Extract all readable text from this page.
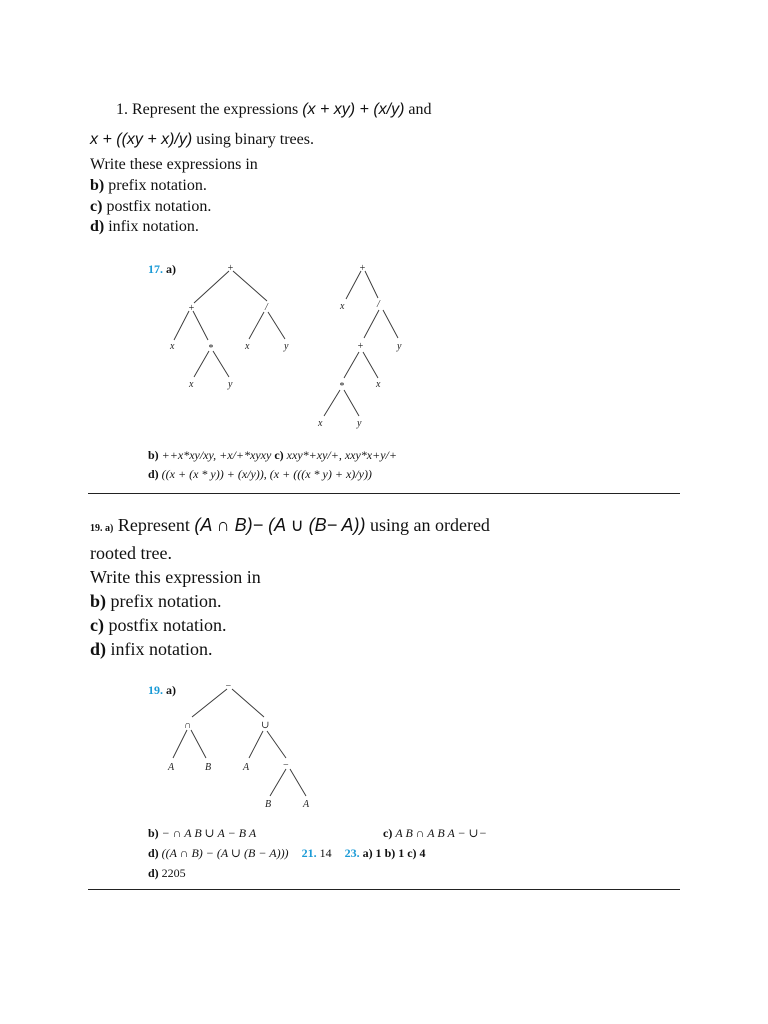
1. Represent the expressions (x + xy) + (x/y) and
x + ((xy + x)/y) using binary trees.
Write these expressions in
b) prefix notation.
c) postfix notation.
d) infix notation.
17. a)	+
+	/
x	*	x	y
x	y
+
x	/
+	y
*	x
x	y
−
∩	∪
A	B	A	−
B	A
b) ++x*xy/xy, +x/+*xyxy c) xxy*+xy/+, xxy*x+y/+
d) ((x + (x * y)) + (x/y)), (x + (((x * y) + x)/y))
19. a) Represent (A ∩ B)− (A ∪ (B− A)) using an ordered
rooted tree.
Write this expression in
b) prefix notation.
c) postfix notation.
d) infix notation.
19. a)
b) − ∩ A B ∪ A − B A	c) A B ∩ A B A − ∪−
d) ((A ∩ B) − (A ∪ (B − A))) 21. 14 23. a) 1 b) 1 c) 4
d) 2205
